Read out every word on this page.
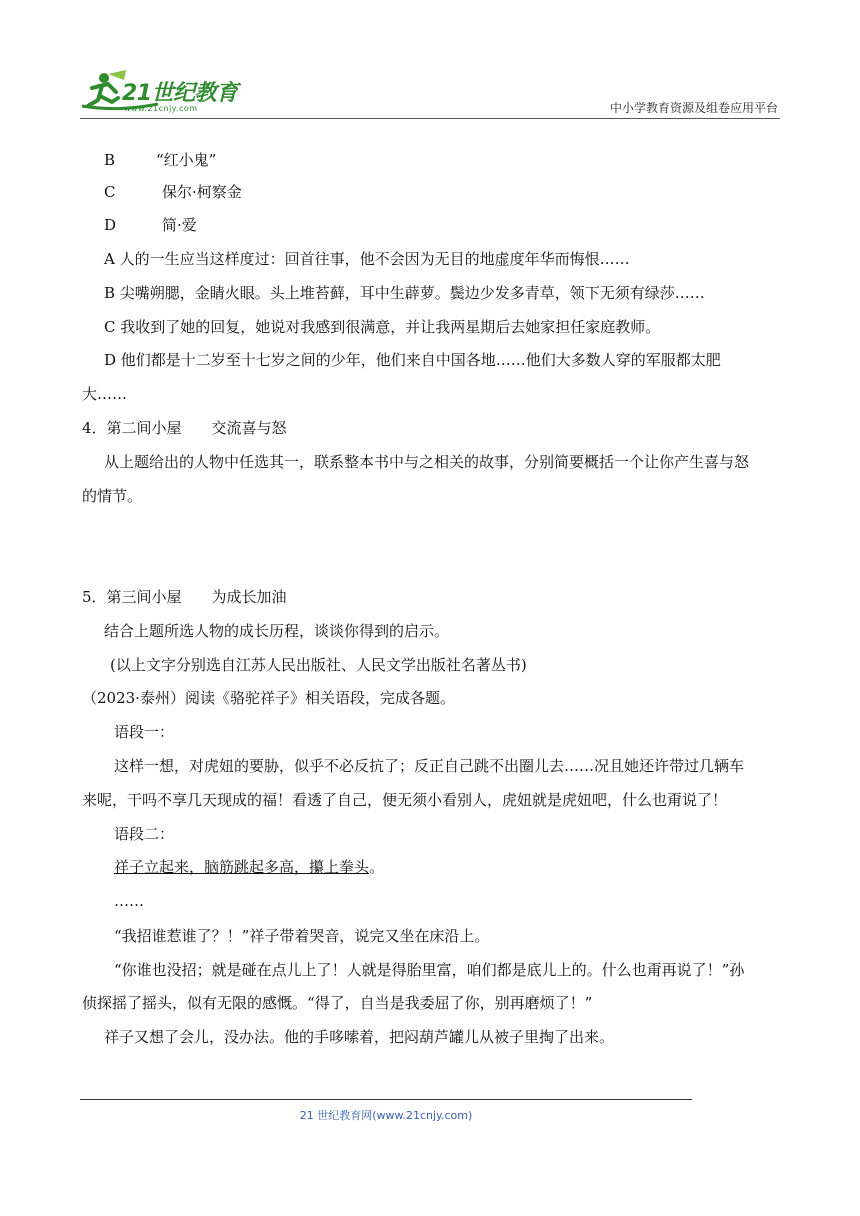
21世纪教育
www.21cnjy.com	中小学教育资源及组卷应用平台
B	“红小鬼”
C	保尔·柯察金
D	简·爱
A 人的一生应当这样度过：回首往事，他不会因为无目的地虚度年华而悔恨……
B 尖嘴朔腮，金睛火眼。头上堆苔藓，耳中生薜萝。鬓边少发多青草，领下无须有绿莎……
C 我收到了她的回复，她说对我感到很满意，并让我两星期后去她家担任家庭教师。
D 他们都是十二岁至十七岁之间的少年，他们来自中国各地……他们大多数人穿的军服都太肥
大……
4．第二间小屋　　交流喜与怒
从上题给出的人物中任选其一，联系整本书中与之相关的故事，分别简要概括一个让你产生喜与怒
的情节。
5．第三间小屋　　为成长加油
结合上题所选人物的成长历程，谈谈你得到的启示。
(以上文字分别选自江苏人民出版社、人民文学出版社名著丛书)
（2023·泰州）阅读《骆驼祥子》相关语段，完成各题。
语段一：
这样一想，对虎妞的要胁，似乎不必反抗了；反正自己跳不出圈儿去……况且她还许带过几辆车
来呢，干吗不享几天现成的福！看透了自己，便无须小看别人，虎妞就是虎妞吧，什么也甭说了！
语段二：
祥子立起来，脑筋跳起多高，攥上拳头。
……
“我招谁惹谁了？！”祥子带着哭音，说完又坐在床沿上。
“你谁也没招；就是碰在点儿上了！人就是得胎里富，咱们都是底儿上的。什么也甭再说了！”孙
侦探摇了摇头，似有无限的感慨。“得了，自当是我委屈了你，别再磨烦了！”
祥子又想了会儿，没办法。他的手哆嗦着，把闷葫芦罐儿从被子里掏了出来。
21 世纪教育网(www.21cnjy.com)
